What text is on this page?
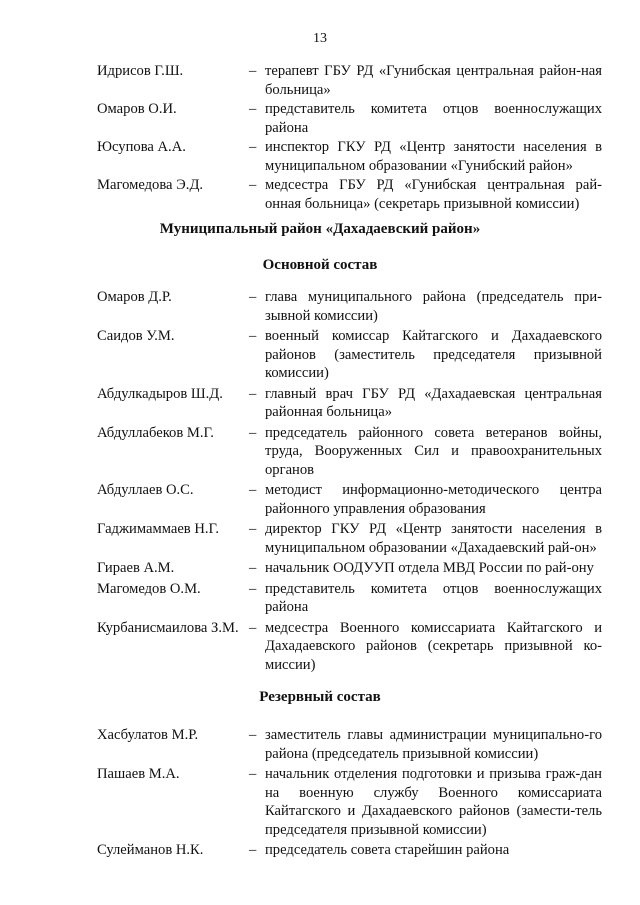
13
Идрисов Г.Ш.	– терапевт ГБУ РД «Гунибская центральная район-ная больница»
Омаров О.И.	– представитель комитета отцов военнослужащих района
Юсупова А.А.	– инспектор ГКУ РД «Центр занятости населения в муниципальном образовании «Гунибский район»
Магомедова Э.Д.	– медсестра ГБУ РД «Гунибская центральная рай-онная больница» (секретарь призывной комиссии)
Муниципальный район «Дахадаевский район»
Основной состав
Омаров Д.Р.	– глава муниципального района (председатель при-зывной комиссии)
Саидов У.М.	– военный комиссар Кайтагского и Дахадаевского районов (заместитель председателя призывной комиссии)
Абдулкадыров Ш.Д.	– главный врач ГБУ РД «Дахадаевская центральная районная больница»
Абдуллабеков М.Г.	– председатель районного совета ветеранов войны, труда, Вооруженных Сил и правоохранительных органов
Абдуллаев О.С.	– методист информационно-методического центра районного управления образования
Гаджимаммаев Н.Г.	– директор ГКУ РД «Центр занятости населения в муниципальном образовании «Дахадаевский рай-он»
Гираев А.М.	– начальник ООДУУП отдела МВД России по рай-ону
Магомедов О.М.	– представитель комитета отцов военнослужащих района
Курбанисмаилова З.М. – медсестра Военного комиссариата Кайтагского и Дахадаевского районов (секретарь призывной ко-миссии)
Резервный состав
Хасбулатов М.Р.	– заместитель главы администрации муниципально-го района (председатель призывной комиссии)
Пашаев М.А.	– начальник отделения подготовки и призыва граж-дан на военную службу Военного комиссариата Кайтагского и Дахадаевского районов (замести-тель председателя призывной комиссии)
Сулейманов Н.К.	– председатель совета старейшин района
